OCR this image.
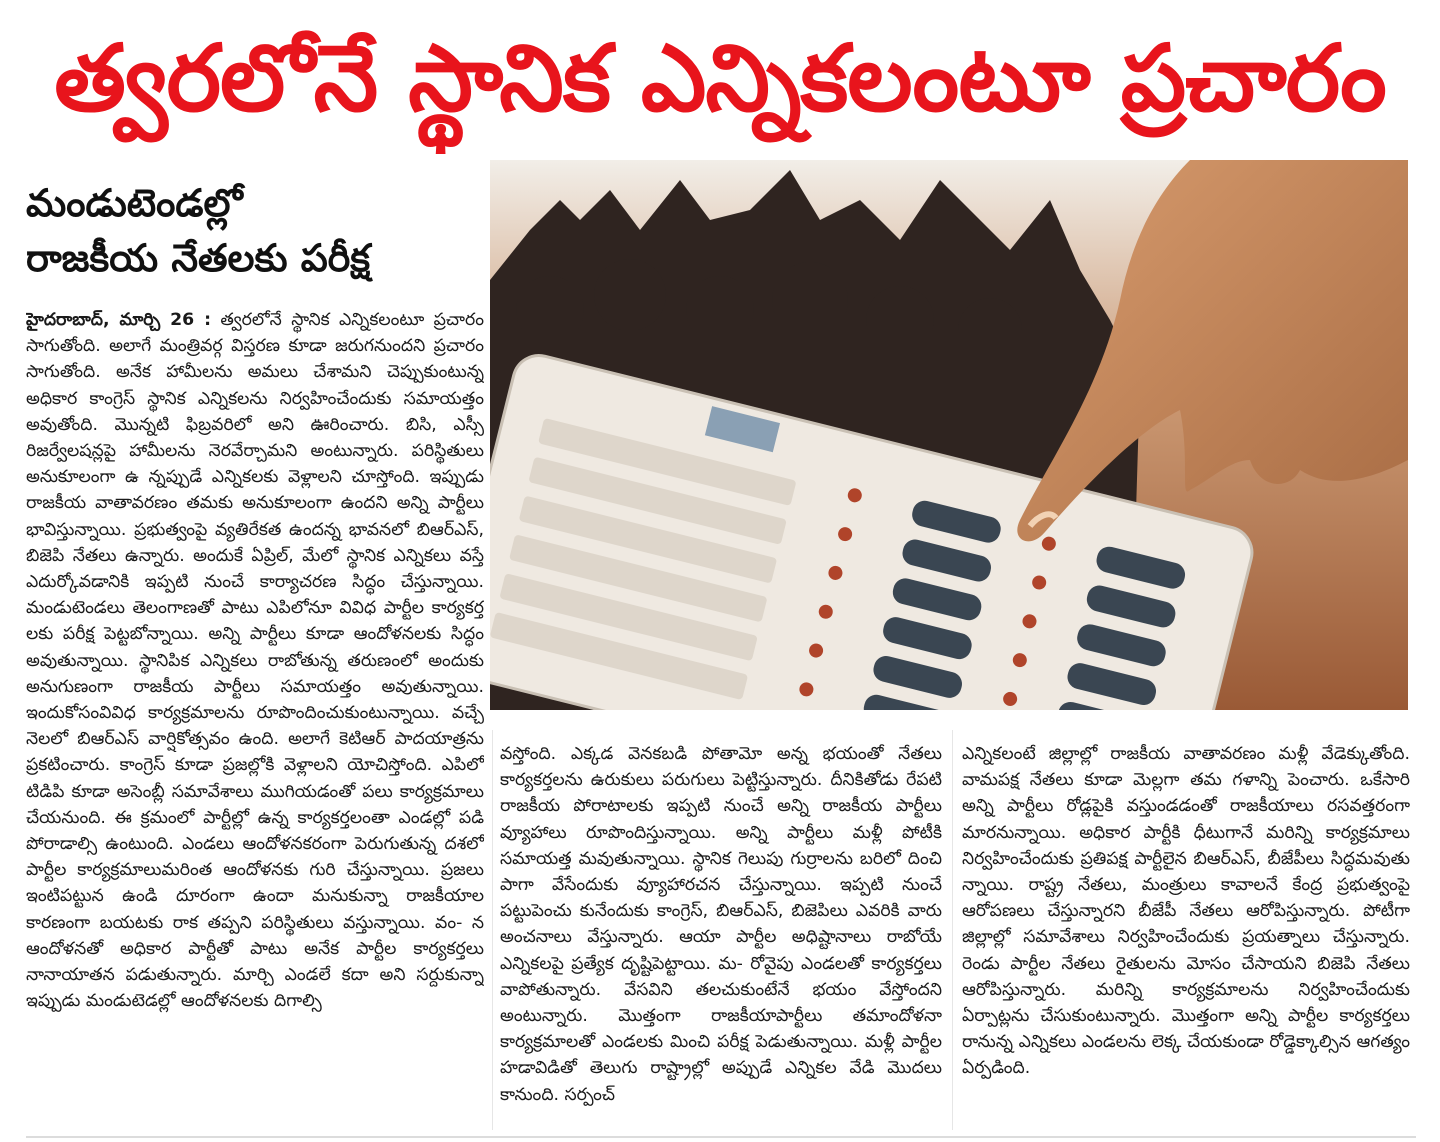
త్వరలోనే స్థానిక ఎన్నికలంటూ ప్రచారం
మండుటెండల్లో
రాజకీయ నేతలకు పరీక్ష
హైదరాబాద్, మార్చి 26 : త్వరలోనే స్థానిక ఎన్నికలంటూ ప్రచారం సాగుతోంది. అలాగే మంత్రివర్గ విస్తరణ కూడా జరుగనుందని ప్రచారం సాగుతోంది. అనేక హామీలను అమలు చేశామని చెప్పుకుంటున్న అధికార కాంగ్రెస్ స్థానిక ఎన్నికలను నిర్వహించేందుకు సమాయత్తం అవుతోంది. మొన్నటి ఫిబ్రవరిలో అని ఊరించారు. బిసి, ఎస్సీ రిజర్వేలషన్లపై హామీలను నెరవేర్చామని అంటున్నారు. పరిస్థితులు అనుకూలంగా ఉ న్నప్పుడే ఎన్నికలకు వెళ్లాలని చూస్తోంది. ఇప్పుడు రాజకీయ వాతావరణం తమకు అనుకూలంగా ఉందని అన్ని పార్టీలు భావిస్తున్నాయి. ప్రభుత్వంపై వ్యతిరేకత ఉందన్న భావనలో బిఆర్ఎస్, బిజెపి నేతలు ఉన్నారు. అందుకే ఏప్రిల్, మేలో స్థానిక ఎన్నికలు వస్తే ఎదుర్కోవడానికి ఇప్పటి నుంచే కార్యాచరణ సిద్ధం చేస్తున్నాయి. మండుటెండలు తెలంగాణతో పాటు ఎపిలోనూ వివిధ పార్టీల కార్యకర్త లకు పరీక్ష పెట్టబోన్నాయి. అన్ని పార్టీలు కూడా ఆందోళనలకు సిద్ధం అవుతున్నాయి. స్థానిపిక ఎన్నికలు రాబోతున్న తరుణంలో అందుకు అనుగుణంగా రాజకీయ పార్టీలు సమాయత్తం అవుతున్నాయి. ఇందుకోసంవివిధ కార్యక్రమాలను రూపొందించుకుంటున్నాయి. వచ్చే నెలలో బిఆర్ఎస్ వార్షికోత్సవం ఉంది. అలాగే కెటిఆర్ పాదయాత్రను ప్రకటించారు. కాంగ్రెస్ కూడా ప్రజల్లోకి వెళ్లాలని యోచిస్తోంది. ఎపిలో టిడిపి కూడా అసెంబ్లీ సమావేశాలు ముగియడంతో పలు కార్యక్రమాలు చేయనుంది. ఈ క్రమంలో పార్టీల్లో ఉన్న కార్యకర్తలంతా ఎండల్లో పడి పోరాడాల్సి ఉంటుంది. ఎండలు ఆందోళనకరంగా పెరుగుతున్న దశలో పార్టీల కార్యక్రమాలుమరింత ఆందోళనకు గురి చేస్తున్నాయి. ప్రజలు ఇంటిపట్టున ఉండి దూరంగా ఉందా మనుకున్నా రాజకీయాల కారణంగా బయటకు రాక తప్పని పరిస్థితులు వస్తున్నాయి. వం- న ఆందోళనతో అధికార పార్టీతో పాటు అనేక పార్టీల కార్యకర్తలు నానాయాతన పడుతున్నారు. మార్చి ఎండలే కదా అని సర్దుకున్నా ఇప్పుడు మండుటెడల్లో ఆందోళనలకు దిగాల్సి
వస్తోంది. ఎక్కడ వెనకబడి పోతామో అన్న భయంతో నేతలు కార్యకర్తలను ఉరుకులు పరుగులు పెట్టిస్తున్నారు. దీనికితోడు రేపటి రాజకీయ పోరాటాలకు ఇప్పటి నుంచే అన్ని రాజకీయ పార్టీలు వ్యూహాలు రూపొందిస్తున్నాయి. అన్ని పార్టీలు మళ్లీ పోటీకి సమాయత్త మవుతున్నాయి. స్థానిక గెలుపు గుర్రాలను బరిలో దించి పాగా వేసేందుకు వ్యూహారచన చేస్తున్నాయి. ఇప్పటి నుంచే పట్టుపెంచు కునేందుకు కాంగ్రెస్, బిఆర్ఎస్, బిజెపిలు ఎవరికి వారు అంచనాలు వేస్తున్నారు. ఆయా పార్టీల అధిష్టానాలు రాబోయే ఎన్నికలపై ప్రత్యేక దృష్టిపెట్టాయి. మ- రోవైపు ఎండలతో కార్యకర్తలు వాపోతున్నారు. వేసవిని తలచుకుంటేనే భయం వేస్తోందని అంటున్నారు. మొత్తంగా రాజకీయాపార్టీలు తమాందోళనా కార్యక్రమాలతో ఎండలకు మించి పరీక్ష పెడుతున్నాయి. మళ్లీ పార్టీల హడావిడితో తెలుగు రాష్ట్రాల్లో అప్పుడే ఎన్నికల వేడి మొదలు కానుంది. సర్పంచ్
ఎన్నికలంటే జిల్లాల్లో రాజకీయ వాతావరణం మళ్లీ వేడెక్కుతోంది. వామపక్ష నేతలు కూడా మెల్లగా తమ గళాన్ని పెంచారు. ఒకేసారి అన్ని పార్టీలు రోడ్లపైకి వస్తుండడంతో రాజకీయాలు రసవత్తరంగా మారనున్నాయి. అధికార పార్టీకి ధీటుగానే మరిన్ని కార్యక్రమాలు నిర్వహించేందుకు ప్రతిపక్ష పార్టీలైన బిఆర్ఎస్, బీజేపీలు సిద్ధమవుతు న్నాయి. రాష్ట్ర నేతలు, మంత్రులు కావాలనే కేంద్ర ప్రభుత్వంపై ఆరోపణలు చేస్తున్నారని బీజేపీ నేతలు ఆరోపిస్తున్నారు. పోటీగా జిల్లాల్లో సమావేశాలు నిర్వహించేందుకు ప్రయత్నాలు చేస్తున్నారు. రెండు పార్టీల నేతలు రైతులను మోసం చేసాయని బిజెపి నేతలు ఆరోపిస్తున్నారు. మరిన్ని కార్యక్రమాలను నిర్వహించేందుకు ఏర్పాట్లను చేసుకుంటున్నారు. మొత్తంగా అన్ని పార్టీల కార్యకర్తలు రానున్న ఎన్నికలు ఎండలను లెక్క చేయకుండా రోడ్డెక్కాల్సిన ఆగత్యం ఏర్పడింది.
